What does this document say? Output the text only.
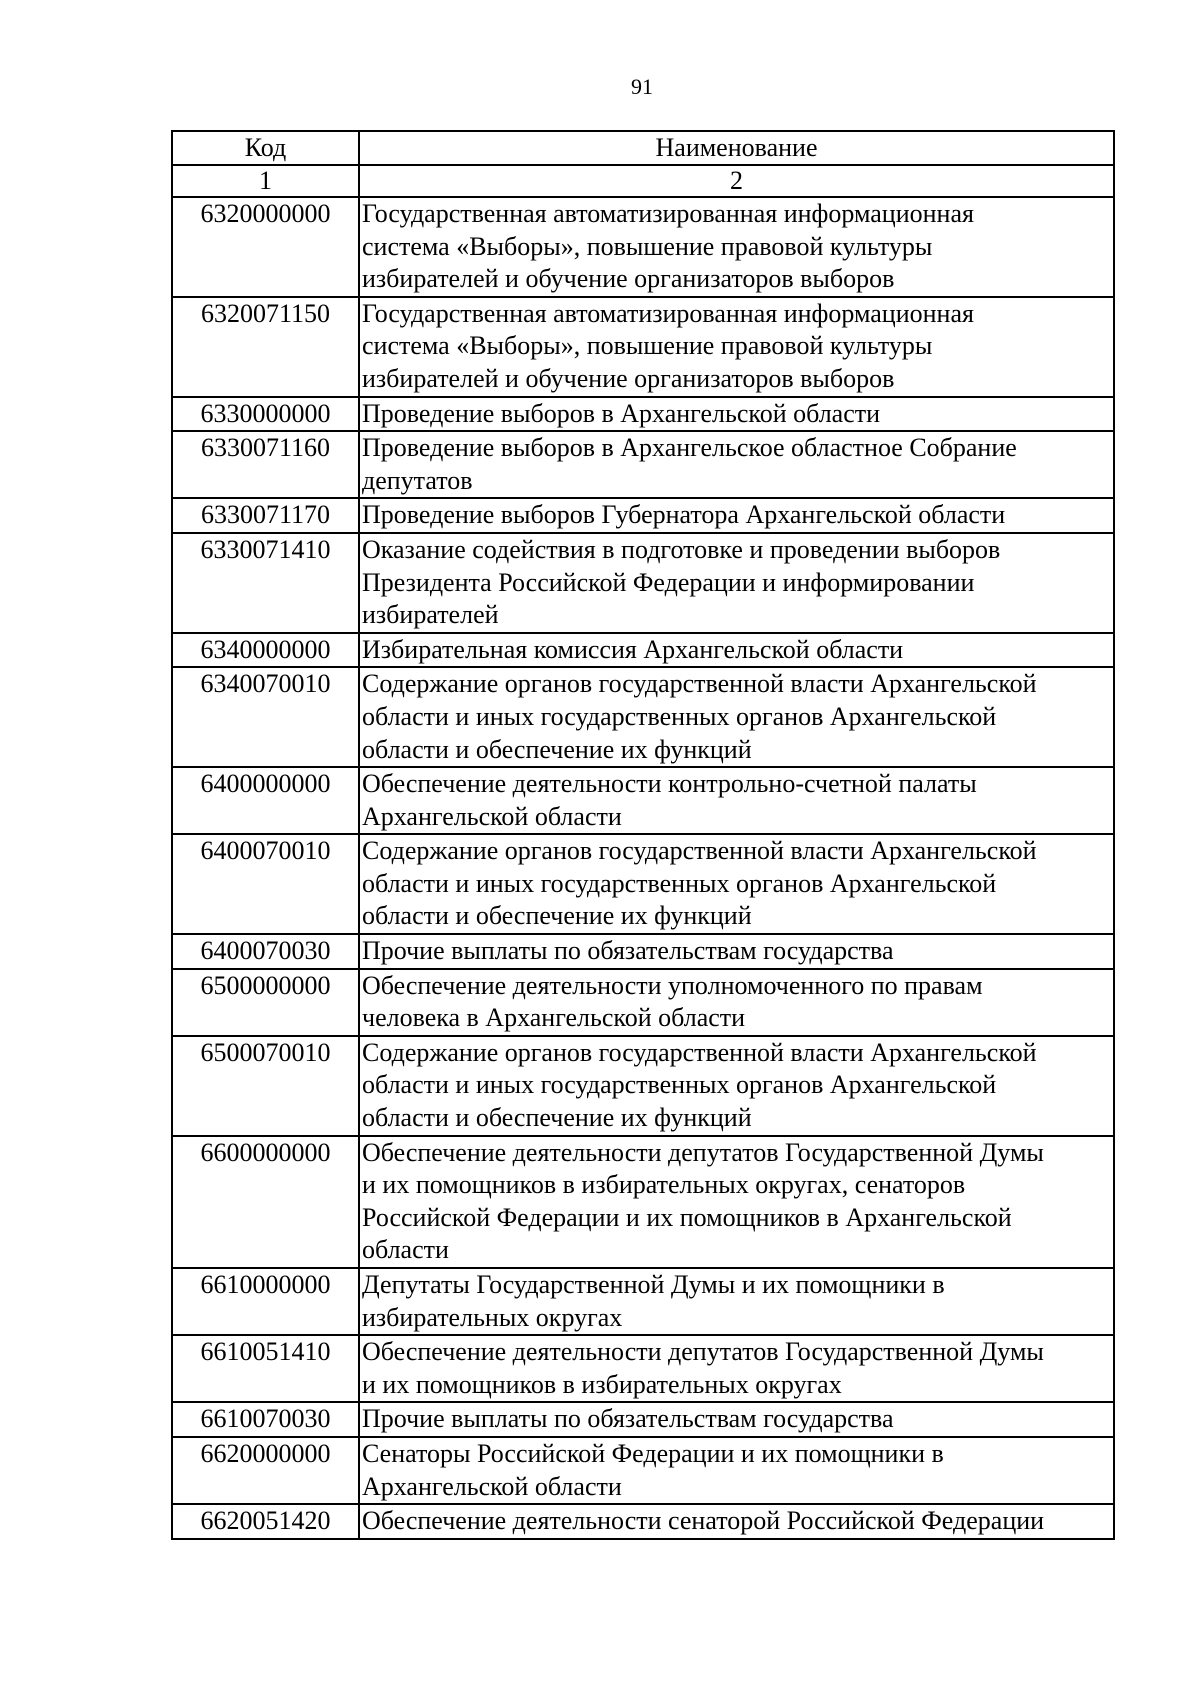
91
Код	Наименование
1	2
6320000000	Государственная автоматизированная информационная
система «Выборы», повышение правовой культуры
избирателей и обучение организаторов выборов

6320071150	Государственная автоматизированная информационная
система «Выборы», повышение правовой культуры
избирателей и обучение организаторов выборов

6330000000	Проведение выборов в Архангельской области

6330071160	Проведение выборов в Архангельское областное Собрание
депутатов

6330071170	Проведение выборов Губернатора Архангельской области

6330071410	Оказание содействия в подготовке и проведении выборов
Президента Российской Федерации и информировании
избирателей

6340000000	Избирательная комиссия Архангельской области

6340070010	Содержание органов государственной власти Архангельской
области и иных государственных органов Архангельской
области и обеспечение их функций

6400000000	Обеспечение деятельности контрольно-счетной палаты
Архангельской области

6400070010	Содержание органов государственной власти Архангельской
области и иных государственных органов Архангельской
области и обеспечение их функций

6400070030	Прочие выплаты по обязательствам государства

6500000000	Обеспечение деятельности уполномоченного по правам
человека в Архангельской области

6500070010	Содержание органов государственной власти Архангельской
области и иных государственных органов Архангельской
области и обеспечение их функций

6600000000	Обеспечение деятельности депутатов Государственной Думы
и их помощников в избирательных округах, сенаторов
Российской Федерации и их помощников в Архангельской
области

6610000000	Депутаты Государственной Думы и их помощники в
избирательных округах

6610051410	Обеспечение деятельности депутатов Государственной Думы
и их помощников в избирательных округах

6610070030	Прочие выплаты по обязательствам государства

6620000000	Сенаторы Российской Федерации и их помощники в
Архангельской области

6620051420	Обеспечение деятельности сенаторой Российской Федерации
